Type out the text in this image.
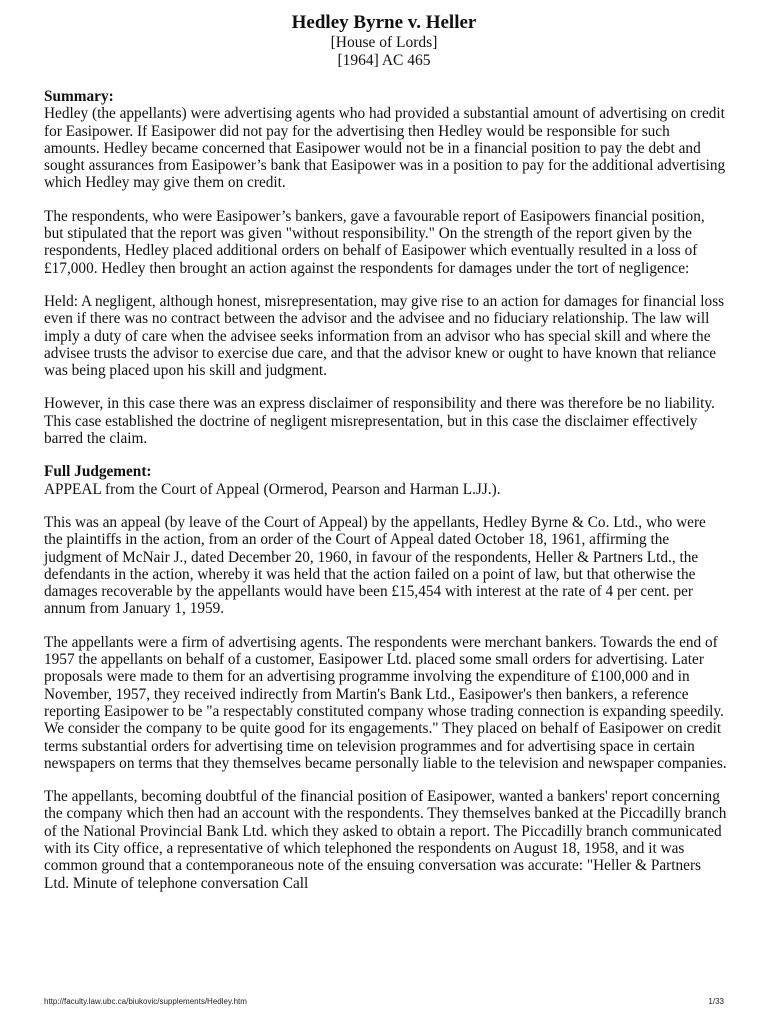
Hedley Byrne v. Heller
[House of Lords]
[1964] AC 465

Summary:
Hedley (the appellants) were advertising agents who had provided a substantial amount of advertising on credit for Easipower. If Easipower did not pay for the advertising then Hedley would be responsible for such amounts. Hedley became concerned that Easipower would not be in a financial position to pay the debt and sought assurances from Easipower’s bank that Easipower was in a position to pay for the additional advertising which Hedley may give them on credit.

The respondents, who were Easipower’s bankers, gave a favourable report of Easipowers financial position, but stipulated that the report was given "without responsibility." On the strength of the report given by the respondents, Hedley placed additional orders on behalf of Easipower which eventually resulted in a loss of £17,000. Hedley then brought an action against the respondents for damages under the tort of negligence:

Held: A negligent, although honest, misrepresentation, may give rise to an action for damages for financial loss even if there was no contract between the advisor and the advisee and no fiduciary relationship. The law will imply a duty of care when the advisee seeks information from an advisor who has special skill and where the advisee trusts the advisor to exercise due care, and that the advisor knew or ought to have known that reliance was being placed upon his skill and judgment.

However, in this case there was an express disclaimer of responsibility and there was therefore be no liability. This case established the doctrine of negligent misrepresentation, but in this case the disclaimer effectively barred the claim.

Full Judgement:
APPEAL from the Court of Appeal (Ormerod, Pearson and Harman L.JJ.).

This was an appeal (by leave of the Court of Appeal) by the appellants, Hedley Byrne & Co. Ltd., who were the plaintiffs in the action, from an order of the Court of Appeal dated October 18, 1961, affirming the judgment of McNair J., dated December 20, 1960, in favour of the respondents, Heller & Partners Ltd., the defendants in the action, whereby it was held that the action failed on a point of law, but that otherwise the damages recoverable by the appellants would have been £15,454 with interest at the rate of 4 per cent. per annum from January 1, 1959.

The appellants were a firm of advertising agents. The respondents were merchant bankers. Towards the end of 1957 the appellants on behalf of a customer, Easipower Ltd. placed some small orders for advertising. Later proposals were made to them for an advertising programme involving the expenditure of £100,000 and in November, 1957, they received indirectly from Martin's Bank Ltd., Easipower's then bankers, a reference reporting Easipower to be "a respectably constituted company whose trading connection is expanding speedily. We consider the company to be quite good for its engagements." They placed on behalf of Easipower on credit terms substantial orders for advertising time on television programmes and for advertising space in certain newspapers on terms that they themselves became personally liable to the television and newspaper companies.

The appellants, becoming doubtful of the financial position of Easipower, wanted a bankers' report concerning the company which then had an account with the respondents. They themselves banked at the Piccadilly branch of the National Provincial Bank Ltd. which they asked to obtain a report. The Piccadilly branch communicated with its City office, a representative of which telephoned the respondents on August 18, 1958, and it was common ground that a contemporaneous note of the ensuing conversation was accurate: "Heller & Partners Ltd. Minute of telephone conversation Call

http://faculty.law.ubc.ca/biukovic/supplements/Hedley.htm	1/33
